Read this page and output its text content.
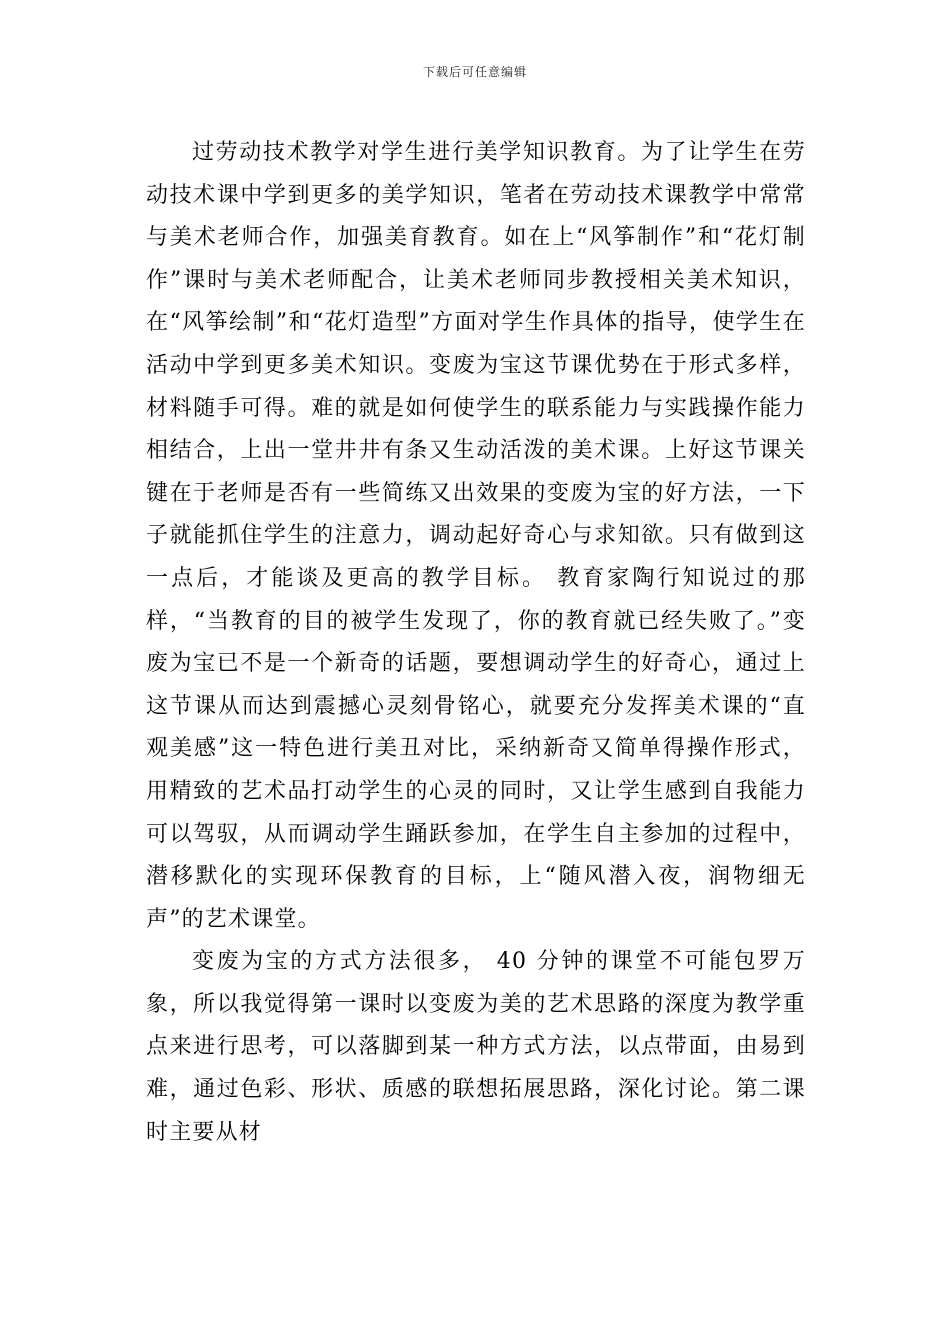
下载后可任意编辑

过劳动技术教学对学生进行美学知识教育。为了让学生在劳动技术课中学到更多的美学知识，笔者在劳动技术课教学中常常与美术老师合作，加强美育教育。如在上“风筝制作”和“花灯制作”课时与美术老师配合，让美术老师同步教授相关美术知识，在“风筝绘制”和“花灯造型”方面对学生作具体的指导，使学生在活动中学到更多美术知识。变废为宝这节课优势在于形式多样，材料随手可得。难的就是如何使学生的联系能力与实践操作能力相结合，上出一堂井井有条又生动活泼的美术课。上好这节课关键在于老师是否有一些简练又出效果的变废为宝的好方法，一下子就能抓住学生的注意力，调动起好奇心与求知欲。只有做到这一点后，才能谈及更高的教学目标。 教育家陶行知说过的那样，“当教育的目的被学生发现了，你的教育就已经失败了。”变废为宝已不是一个新奇的话题，要想调动学生的好奇心，通过上这节课从而达到震撼心灵刻骨铭心，就要充分发挥美术课的“直观美感”这一特色进行美丑对比，采纳新奇又简单得操作形式，用精致的艺术品打动学生的心灵的同时，又让学生感到自我能力可以驾驭，从而调动学生踊跃参加，在学生自主参加的过程中，潜移默化的实现环保教育的目标，上“随风潜入夜，润物细无声”的艺术课堂。

变废为宝的方式方法很多， 40 分钟的课堂不可能包罗万象，所以我觉得第一课时以变废为美的艺术思路的深度为教学重点来进行思考，可以落脚到某一种方式方法，以点带面，由易到难，通过色彩、形状、质感的联想拓展思路，深化讨论。第二课时主要从材
